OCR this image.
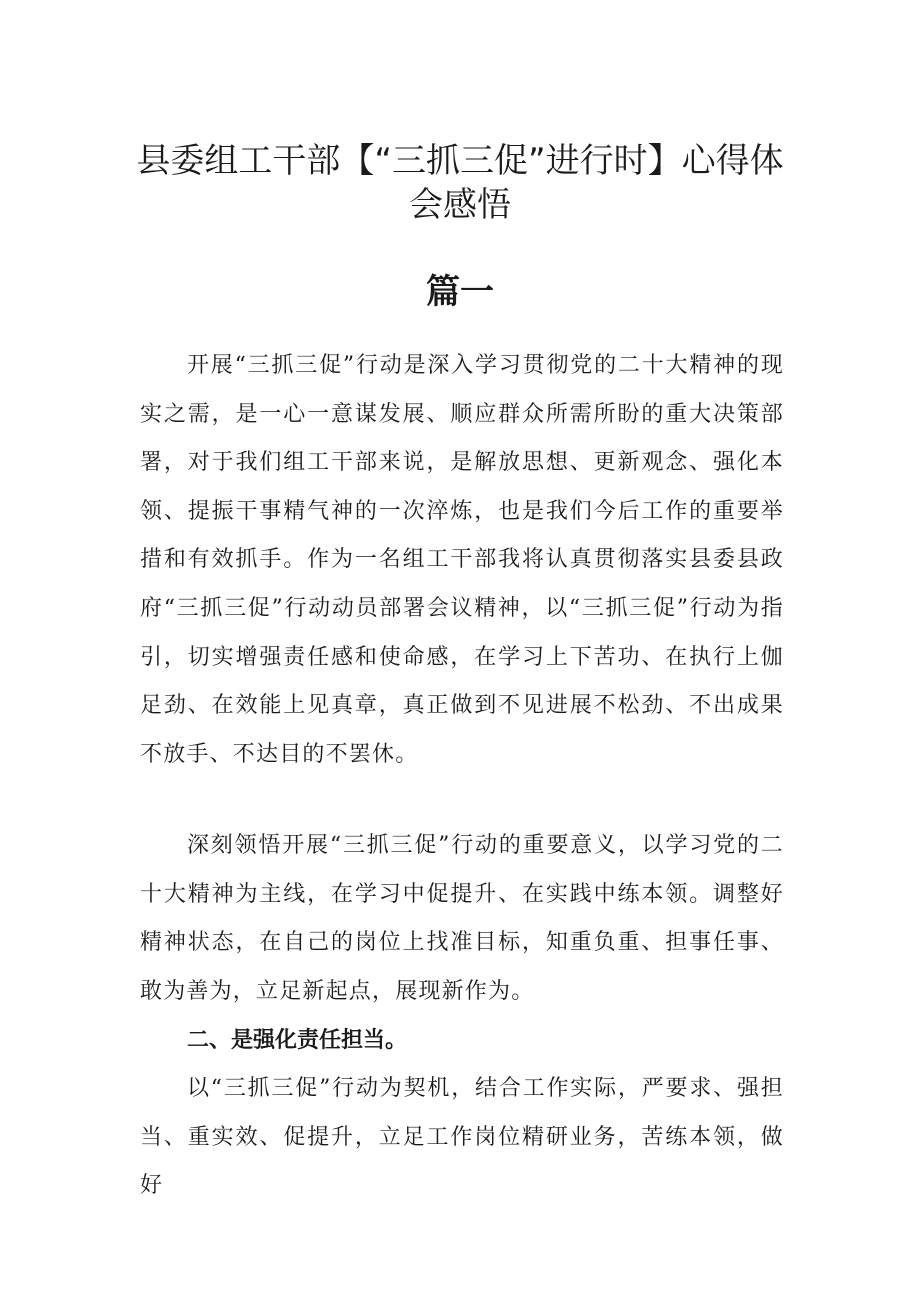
县委组工干部【“三抓三促”进行时】心得体
会感悟
篇一

开展“三抓三促”行动是深入学习贯彻党的二十大精神的现实之需，是一心一意谋发展、顺应群众所需所盼的重大决策部署，对于我们组工干部来说，是解放思想、更新观念、强化本领、提振干事精气神的一次淬炼，也是我们今后工作的重要举措和有效抓手。作为一名组工干部我将认真贯彻落实县委县政府“三抓三促”行动动员部署会议精神，以“三抓三促”行动为指引，切实增强责任感和使命感，在学习上下苦功、在执行上伽足劲、在效能上见真章，真正做到不见进展不松劲、不出成果不放手、不达目的不罢休。

深刻领悟开展“三抓三促”行动的重要意义，以学习党的二十大精神为主线，在学习中促提升、在实践中练本领。调整好精神状态，在自己的岗位上找准目标，知重负重、担事任事、敢为善为，立足新起点，展现新作为。

二、是强化责任担当。

以“三抓三促”行动为契机，结合工作实际，严要求、强担当、重实效、促提升，立足工作岗位精研业务，苦练本领，做好
